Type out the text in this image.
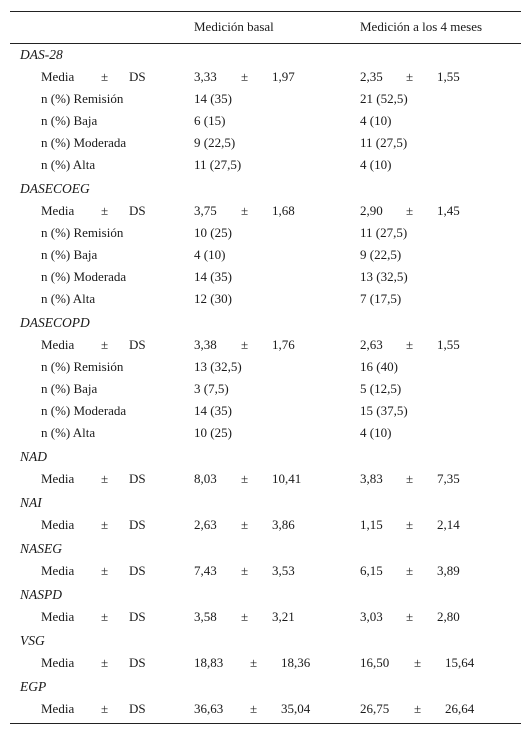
Medición basal	Medición a los 4 meses
DAS-28
Media ± DS	3,33 ± 1,97	2,35 ± 1,55
n (%) Remisión	14 (35)	21 (52,5)
n (%) Baja	6 (15)	4 (10)
n (%) Moderada	9 (22,5)	11 (27,5)
n (%) Alta	11 (27,5)	4 (10)
DASECOEG
Media ± DS	3,75 ± 1,68	2,90 ± 1,45
n (%) Remisión	10 (25)	11 (27,5)
n (%) Baja	4 (10)	9 (22,5)
n (%) Moderada	14 (35)	13 (32,5)
n (%) Alta	12 (30)	7 (17,5)
DASECOPD
Media ± DS	3,38 ± 1,76	2,63 ± 1,55
n (%) Remisión	13 (32,5)	16 (40)
n (%) Baja	3 (7,5)	5 (12,5)
n (%) Moderada	14 (35)	15 (37,5)
n (%) Alta	10 (25)	4 (10)
NAD
Media ± DS	8,03 ± 10,41	3,83 ± 7,35
NAI
Media ± DS	2,63 ± 3,86	1,15 ± 2,14
NASEG
Media ± DS	7,43 ± 3,53	6,15 ± 3,89
NASPD
Media ± DS	3,58 ± 3,21	3,03 ± 2,80
VSG
Media ± DS	18,83 ± 18,36	16,50 ± 15,64
EGP
Media ± DS	36,63 ± 35,04	26,75 ± 26,64
